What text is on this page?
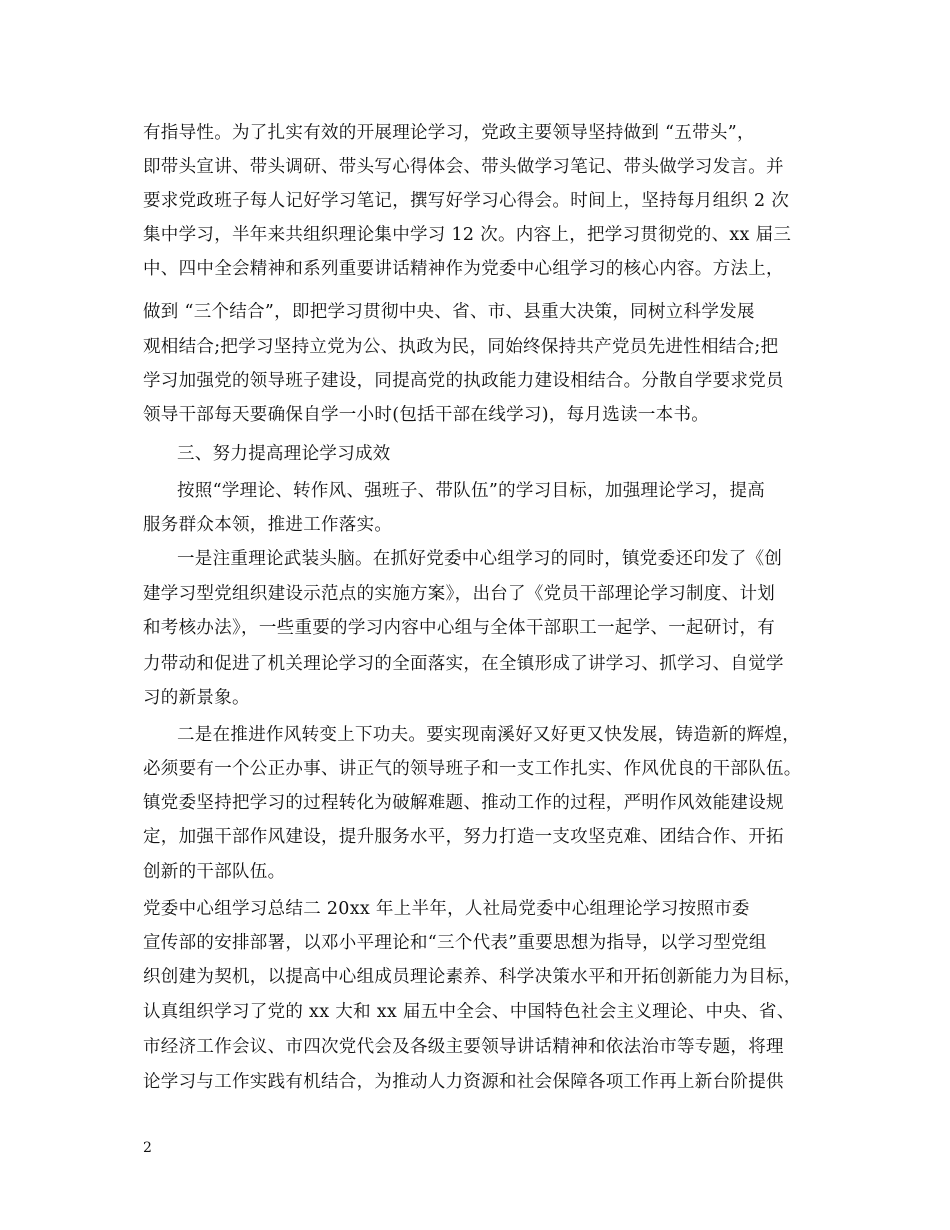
有指导性。为了扎实有效的开展理论学习，党政主要领导坚持做到 “五带头”，
即带头宣讲、带头调研、带头写心得体会、带头做学习笔记、带头做学习发言。并
要求党政班子每人记好学习笔记，撰写好学习心得会。时间上，坚持每月组织 2 次
集中学习，半年来共组织理论集中学习 12 次。内容上，把学习贯彻党的、xx 届三
中、四中全会精神和系列重要讲话精神作为党委中心组学习的核心内容。方法上，
做到 “三个结合”，即把学习贯彻中央、省、市、县重大决策，同树立科学发展
观相结合;把学习坚持立党为公、执政为民，同始终保持共产党员先进性相结合;把
学习加强党的领导班子建设，同提高党的执政能力建设相结合。分散自学要求党员
领导干部每天要确保自学一小时(包括干部在线学习)，每月选读一本书。
三、努力提高理论学习成效
按照“学理论、转作风、强班子、带队伍”的学习目标，加强理论学习，提高
服务群众本领，推进工作落实。
一是注重理论武装头脑。在抓好党委中心组学习的同时，镇党委还印发了《创
建学习型党组织建设示范点的实施方案》，出台了《党员干部理论学习制度、计划
和考核办法》，一些重要的学习内容中心组与全体干部职工一起学、一起研讨，有
力带动和促进了机关理论学习的全面落实，在全镇形成了讲学习、抓学习、自觉学
习的新景象。
二是在推进作风转变上下功夫。要实现南溪好又好更又快发展，铸造新的辉煌，
必须要有一个公正办事、讲正气的领导班子和一支工作扎实、作风优良的干部队伍。
镇党委坚持把学习的过程转化为破解难题、推动工作的过程，严明作风效能建设规
定，加强干部作风建设，提升服务水平，努力打造一支攻坚克难、团结合作、开拓
创新的干部队伍。
党委中心组学习总结二 20xx 年上半年，人社局党委中心组理论学习按照市委
宣传部的安排部署，以邓小平理论和“三个代表”重要思想为指导，以学习型党组
织创建为契机，以提高中心组成员理论素养、科学决策水平和开拓创新能力为目标，
认真组织学习了党的 xx 大和 xx 届五中全会、中国特色社会主义理论、中央、省、
市经济工作会议、市四次党代会及各级主要领导讲话精神和依法治市等专题，将理
论学习与工作实践有机结合，为推动人力资源和社会保障各项工作再上新台阶提供
2
